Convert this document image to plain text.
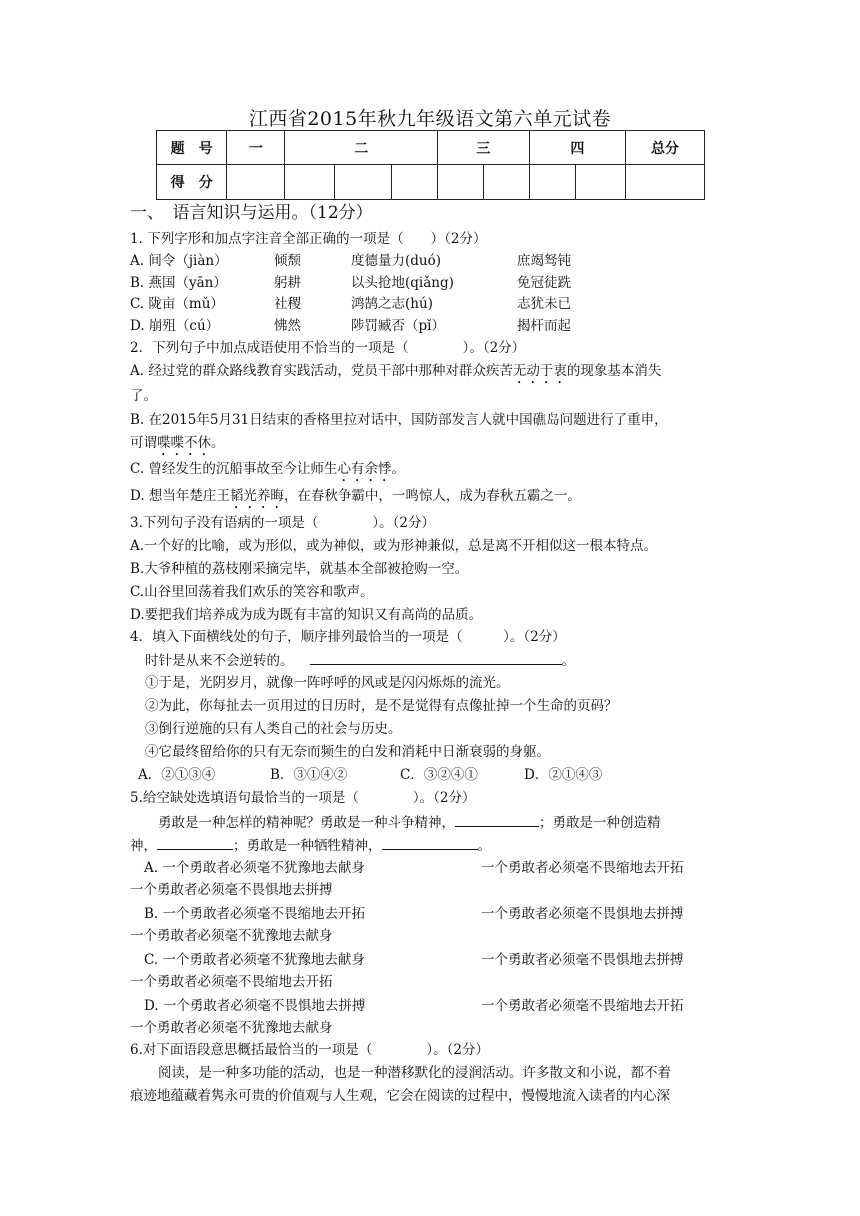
江西省2015年秋九年级语文第六单元试卷
题　号	一	二			三		四		总分
得　分									
一、　语言知识与运用。（12分）
1. 下列字形和加点字注音全部正确的一项是（　　）（2分）
A. 间令（jiàn）	倾颓	度德量力(duó)	庶竭驽钝
B. 燕国（yān）	躬耕	以头抢地(qiǎng)	免冠徒跣
C. 陇亩（mǔ）	社稷	鸿鹄之志(hú)	志犹未已
D. 崩殂（cú）	怫然	陟罚臧否（pǐ）	揭杆而起
2．下列句子中加点成语使用不恰当的一项是（　　　　）。（2分）
A. 经过党的群众路线教育实践活动，党员干部中那种对群众疾苦无动于衷的现象基本消失
了。
B. 在2015年5月31日结束的香格里拉对话中，国防部发言人就中国礁岛问题进行了重申，
可谓喋喋不休。
C. 曾经发生的沉船事故至今让师生心有余悸。
D. 想当年楚庄王韬光养晦，在春秋争霸中，一鸣惊人，成为春秋五霸之一。
3.下列句子没有语病的一项是（　　　　）。（2分）
A.一个好的比喻，或为形似，或为神似，或为形神兼似，总是离不开相似这一根本特点。
B.大爷种植的荔枝刚采摘完毕，就基本全部被抢购一空。
C.山谷里回荡着我们欢乐的笑容和歌声。
D.要把我们培养成为成为既有丰富的知识又有高尚的品质。
4．填入下面横线处的句子，顺序排列最恰当的一项是（　　　）。（2分）
时针是从来不会逆转的。	。
①于是，光阴岁月，就像一阵呼呼的风或是闪闪烁烁的流光。
②为此，你每扯去一页用过的日历时，是不是觉得有点像扯掉一个生命的页码？
③倒行逆施的只有人类自己的社会与历史。
④它最终留给你的只有无奈而频生的白发和消耗中日渐衰弱的身躯。
A．②①③④	B．③①④②	C．③②④①	D．②①④③
5.给空缺处选填语句最恰当的一项是（　　　　）。（2分）
勇敢是一种怎样的精神呢？勇敢是一种斗争精神，	；勇敢是一种创造精
神，	；勇敢是一种牺牲精神，	。
A. 一个勇敢者必须毫不犹豫地去献身	一个勇敢者必须毫不畏缩地去开拓
一个勇敢者必须毫不畏惧地去拼搏
B. 一个勇敢者必须毫不畏缩地去开拓	一个勇敢者必须毫不畏惧地去拼搏
一个勇敢者必须毫不犹豫地去献身
C. 一个勇敢者必须毫不犹豫地去献身	一个勇敢者必须毫不畏惧地去拼搏
一个勇敢者必须毫不畏缩地去开拓
D. 一个勇敢者必须毫不畏惧地去拼搏	一个勇敢者必须毫不畏缩地去开拓
一个勇敢者必须毫不犹豫地去献身
6.对下面语段意思概括最恰当的一项是（　　　　）。（2分）
阅读，是一种多功能的活动，也是一种潜移默化的浸润活动。许多散文和小说，都不着
痕迹地蕴藏着隽永可贵的价值观与人生观，它会在阅读的过程中，慢慢地流入读者的内心深
